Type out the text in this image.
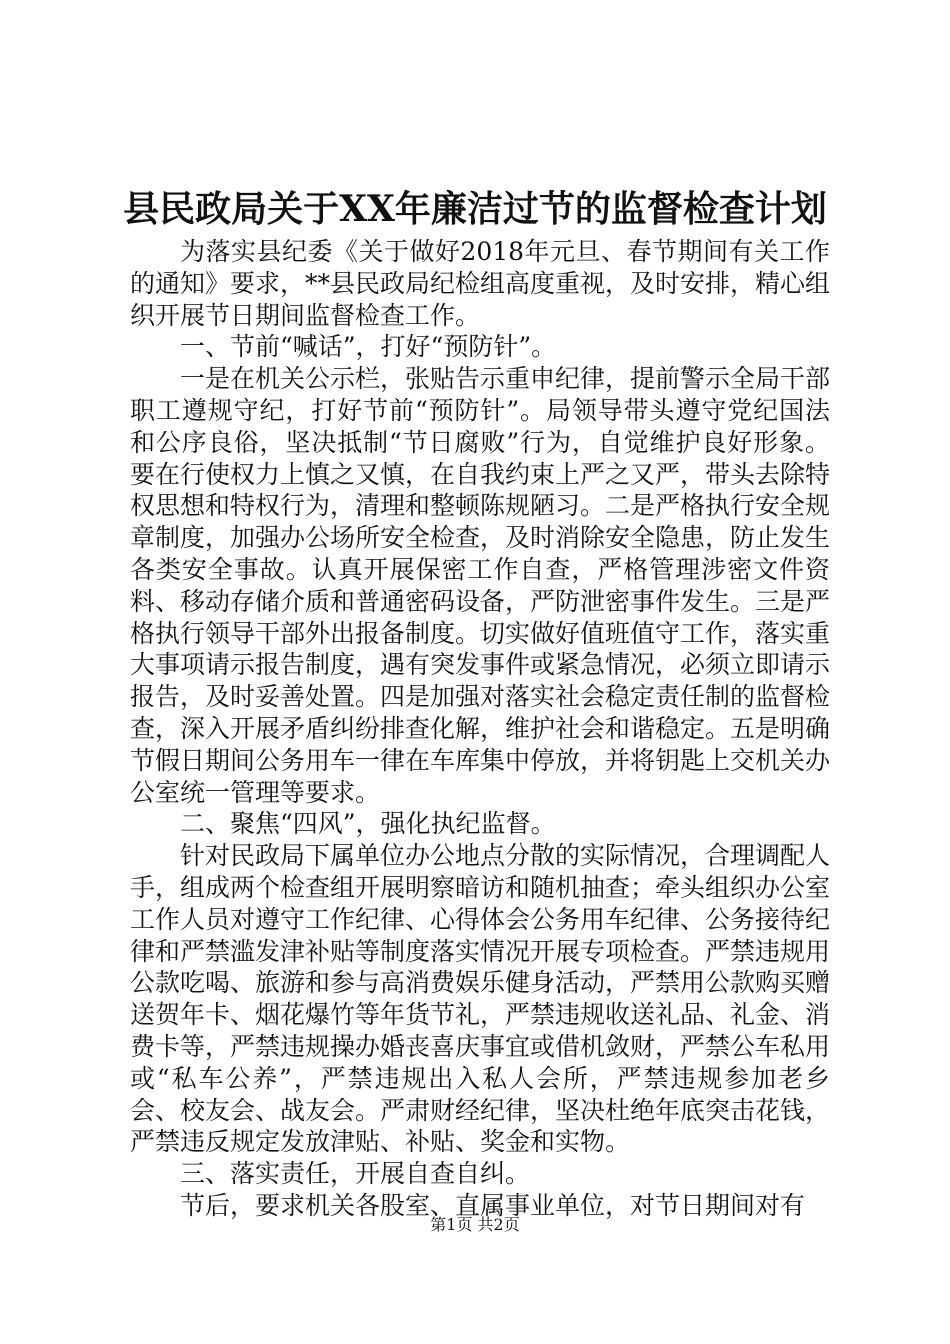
县民政局关于XX年廉洁过节的监督检查计划

为落实县纪委《关于做好2018年元旦、春节期间有关工作的通知》要求，**县民政局纪检组高度重视，及时安排，精心组织开展节日期间监督检查工作。

一、节前“喊话”，打好“预防针”。

一是在机关公示栏，张贴告示重申纪律，提前警示全局干部职工遵规守纪，打好节前“预防针”。局领导带头遵守党纪国法和公序良俗，坚决抵制“节日腐败”行为，自觉维护良好形象。要在行使权力上慎之又慎，在自我约束上严之又严，带头去除特权思想和特权行为，清理和整顿陈规陋习。二是严格执行安全规章制度，加强办公场所安全检查，及时消除安全隐患，防止发生各类安全事故。认真开展保密工作自查，严格管理涉密文件资料、移动存储介质和普通密码设备，严防泄密事件发生。三是严格执行领导干部外出报备制度。切实做好值班值守工作，落实重大事项请示报告制度，遇有突发事件或紧急情况，必须立即请示报告，及时妥善处置。四是加强对落实社会稳定责任制的监督检查，深入开展矛盾纠纷排查化解，维护社会和谐稳定。五是明确节假日期间公务用车一律在车库集中停放，并将钥匙上交机关办公室统一管理等要求。

二、聚焦“四风”，强化执纪监督。

针对民政局下属单位办公地点分散的实际情况，合理调配人手，组成两个检查组开展明察暗访和随机抽查；牵头组织办公室工作人员对遵守工作纪律、心得体会公务用车纪律、公务接待纪律和严禁滥发津补贴等制度落实情况开展专项检查。严禁违规用公款吃喝、旅游和参与高消费娱乐健身活动，严禁用公款购买赠送贺年卡、烟花爆竹等年货节礼，严禁违规收送礼品、礼金、消费卡等，严禁违规操办婚丧喜庆事宜或借机敛财，严禁公车私用或“私车公养”，严禁违规出入私人会所，严禁违规参加老乡会、校友会、战友会。严肃财经纪律，坚决杜绝年底突击花钱，严禁违反规定发放津贴、补贴、奖金和实物。

三、落实责任，开展自查自纠。

节后，要求机关各股室、直属事业单位，对节日期间对有

第1页 共2页
